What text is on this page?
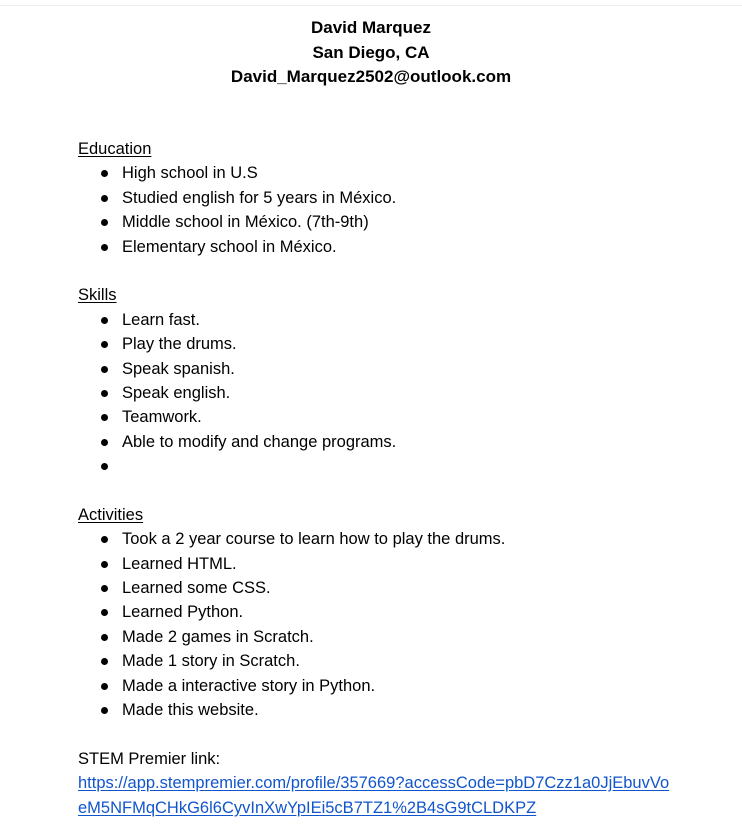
David Marquez
San Diego, CA
David_Marquez2502@outlook.com
Education
High school in U.S
Studied english for 5 years in México.
Middle school in México. (7th-9th)
Elementary school in México.
Skills
Learn fast.
Play the drums.
Speak spanish.
Speak english.
Teamwork.
Able to modify and change programs.
Activities
Took a 2 year course to learn how to play the drums.
Learned HTML.
Learned some CSS.
Learned Python.
Made 2 games in Scratch.
Made 1 story in Scratch.
Made a interactive story in Python.
Made this website.
STEM Premier link:
https://app.stempremier.com/profile/357669?accessCode=pbD7Czz1a0JjEbuvVoeM5NFMqCHkG6l6CyvInXwYpIEi5cB7TZ1%2B4sG9tCLDKPZ
